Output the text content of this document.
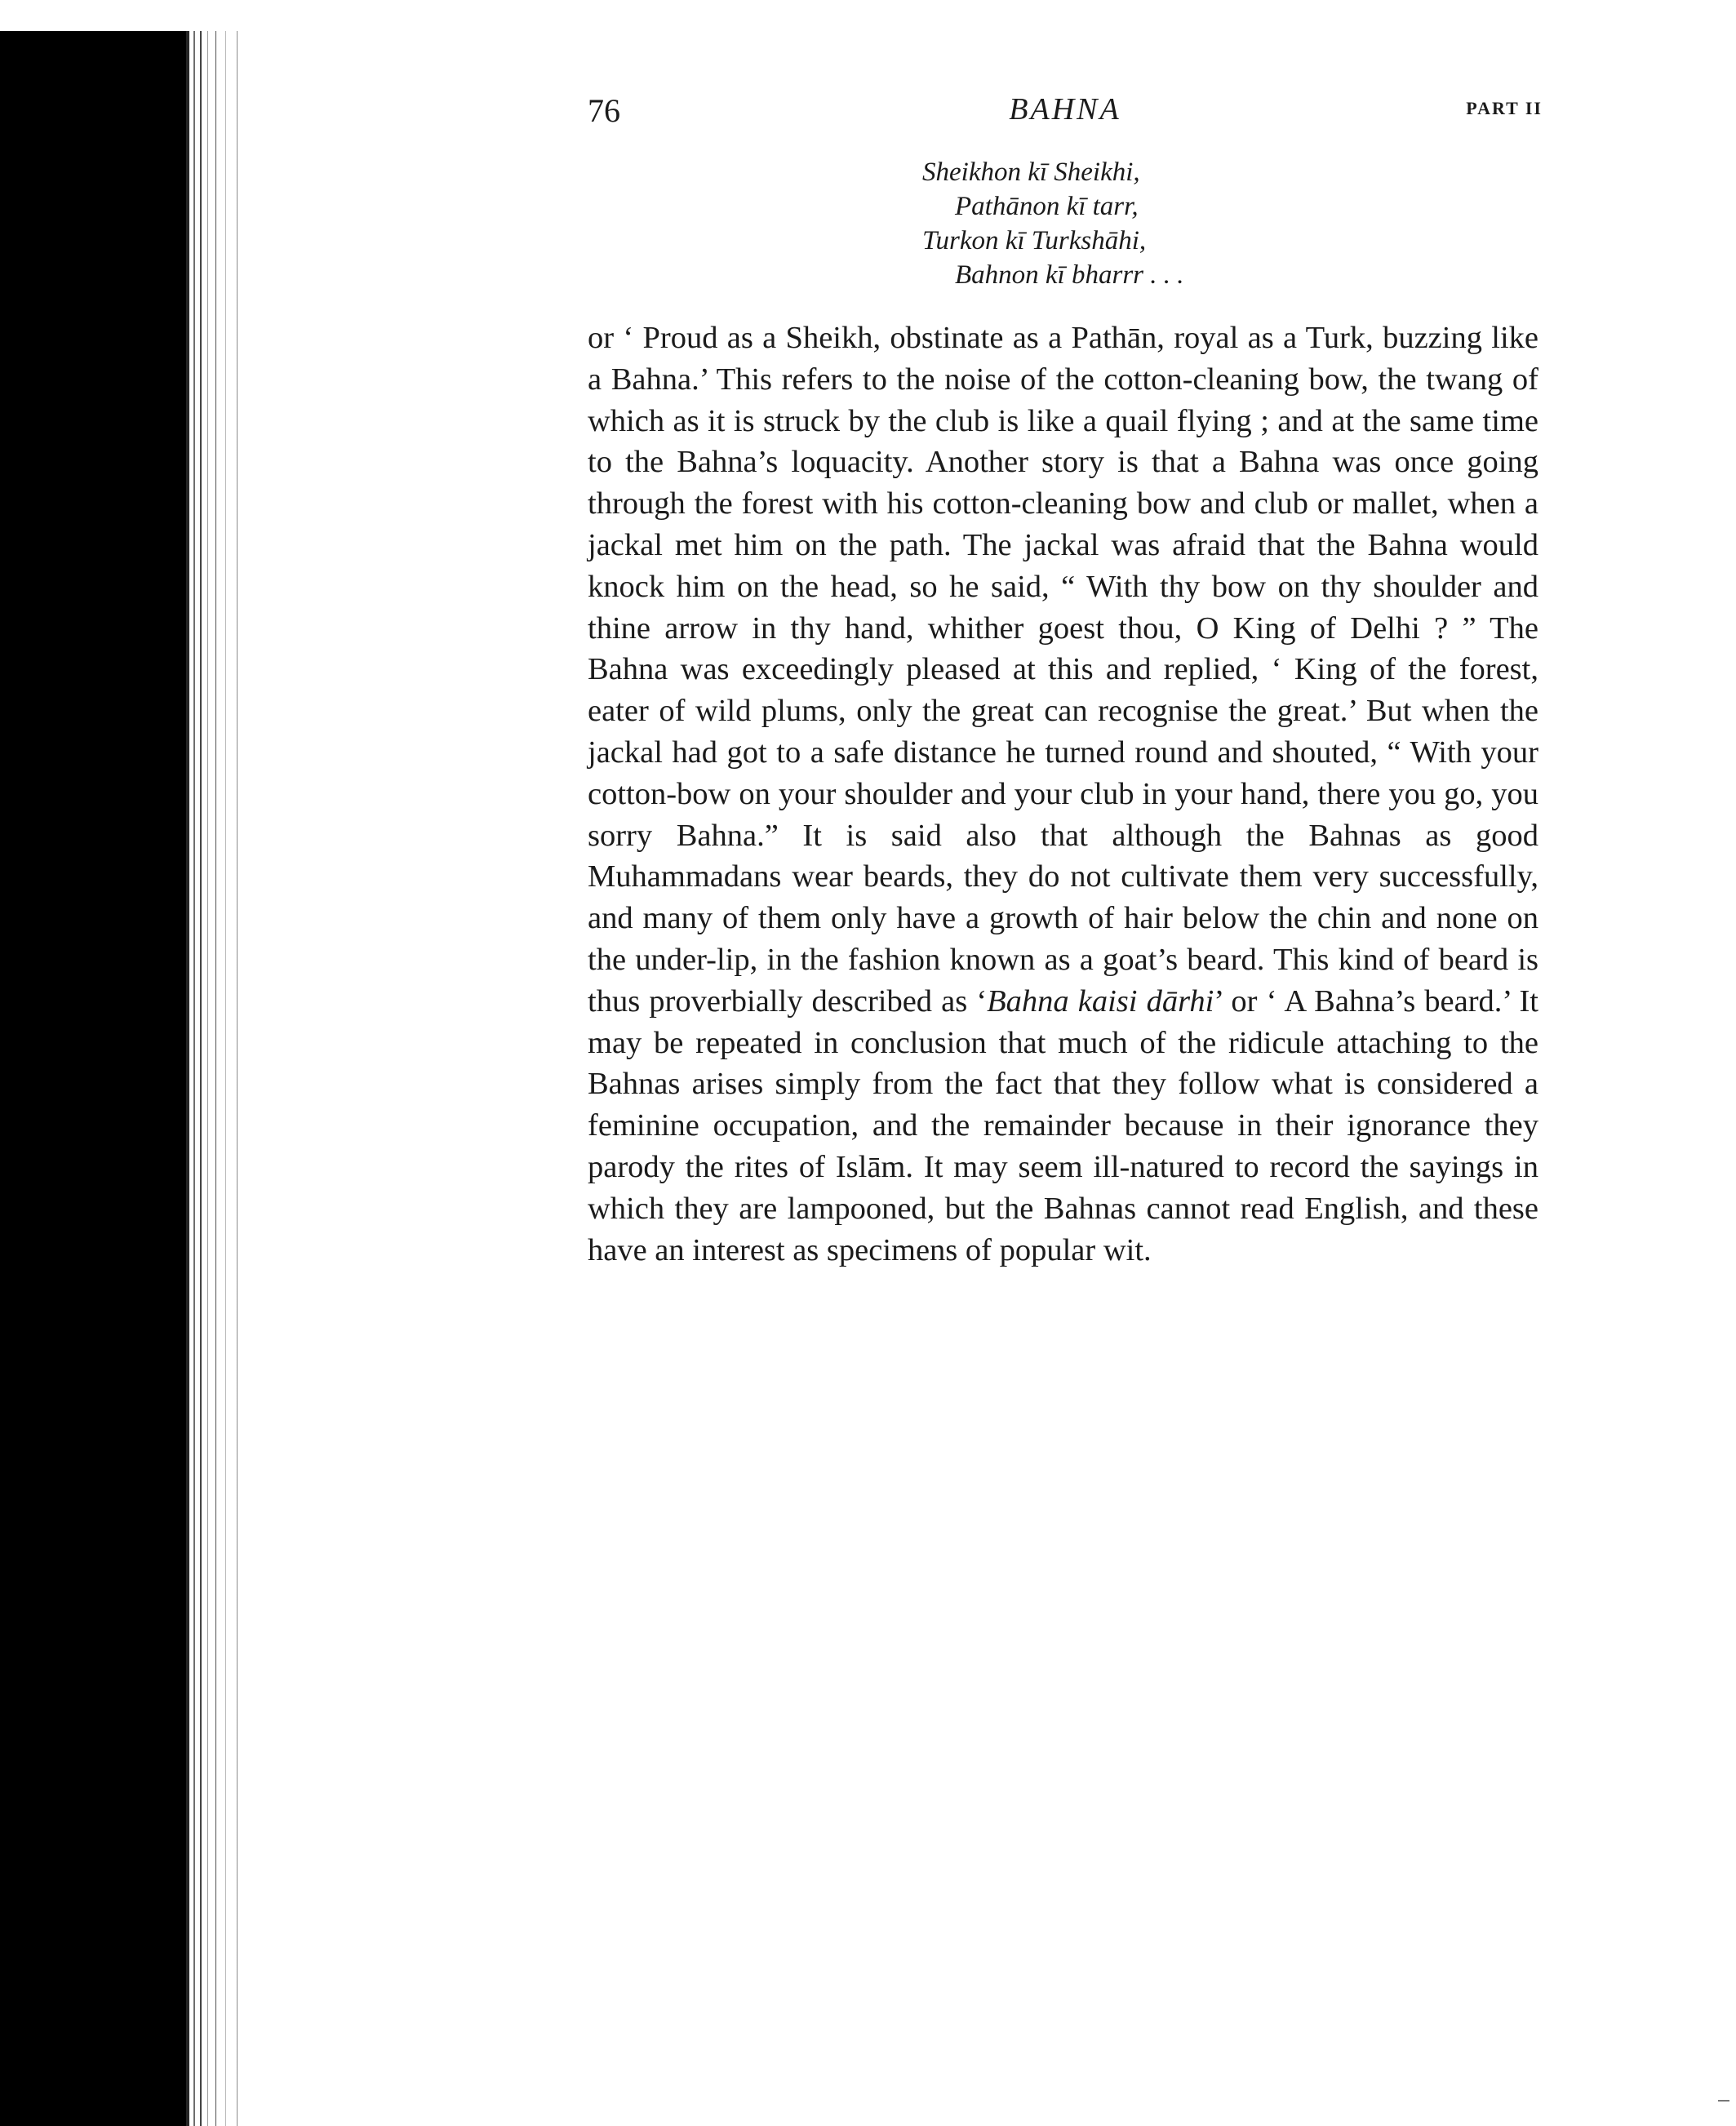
76	BAHNA	PART II
Sheikhon kī Sheikhi,
Pathānon kī tarr,
Turkon kī Turkshāhi,
Bahnon kī bharrr . . .

or ‘ Proud as a Sheikh, obstinate as a Pathān, royal as a Turk, buzzing like a Bahna.’ This refers to the noise of the cotton-cleaning bow, the twang of which as it is struck by the club is like a quail flying ; and at the same time to the Bahna’s loquacity. Another story is that a Bahna was once going through the forest with his cotton-cleaning bow and club or mallet, when a jackal met him on the path. The jackal was afraid that the Bahna would knock him on the head, so he said, “ With thy bow on thy shoulder and thine arrow in thy hand, whither goest thou, O King of Delhi ? ” The Bahna was exceedingly pleased at this and replied, ‘ King of the forest, eater of wild plums, only the great can recognise the great.’ But when the jackal had got to a safe distance he turned round and shouted, “ With your cotton-bow on your shoulder and your club in your hand, there you go, you sorry Bahna.” It is said also that although the Bahnas as good Muhammadans wear beards, they do not cultivate them very successfully, and many of them only have a growth of hair below the chin and none on the under-lip, in the fashion known as a goat’s beard. This kind of beard is thus proverbially described as ‘Bahna kaisi dārhi’ or ‘ A Bahna’s beard.’ It may be repeated in conclusion that much of the ridicule attaching to the Bahnas arises simply from the fact that they follow what is considered a feminine occupation, and the remainder because in their ignorance they parody the rites of Islām. It may seem ill-natured to record the sayings in which they are lampooned, but the Bahnas cannot read English, and these have an interest as specimens of popular wit.
